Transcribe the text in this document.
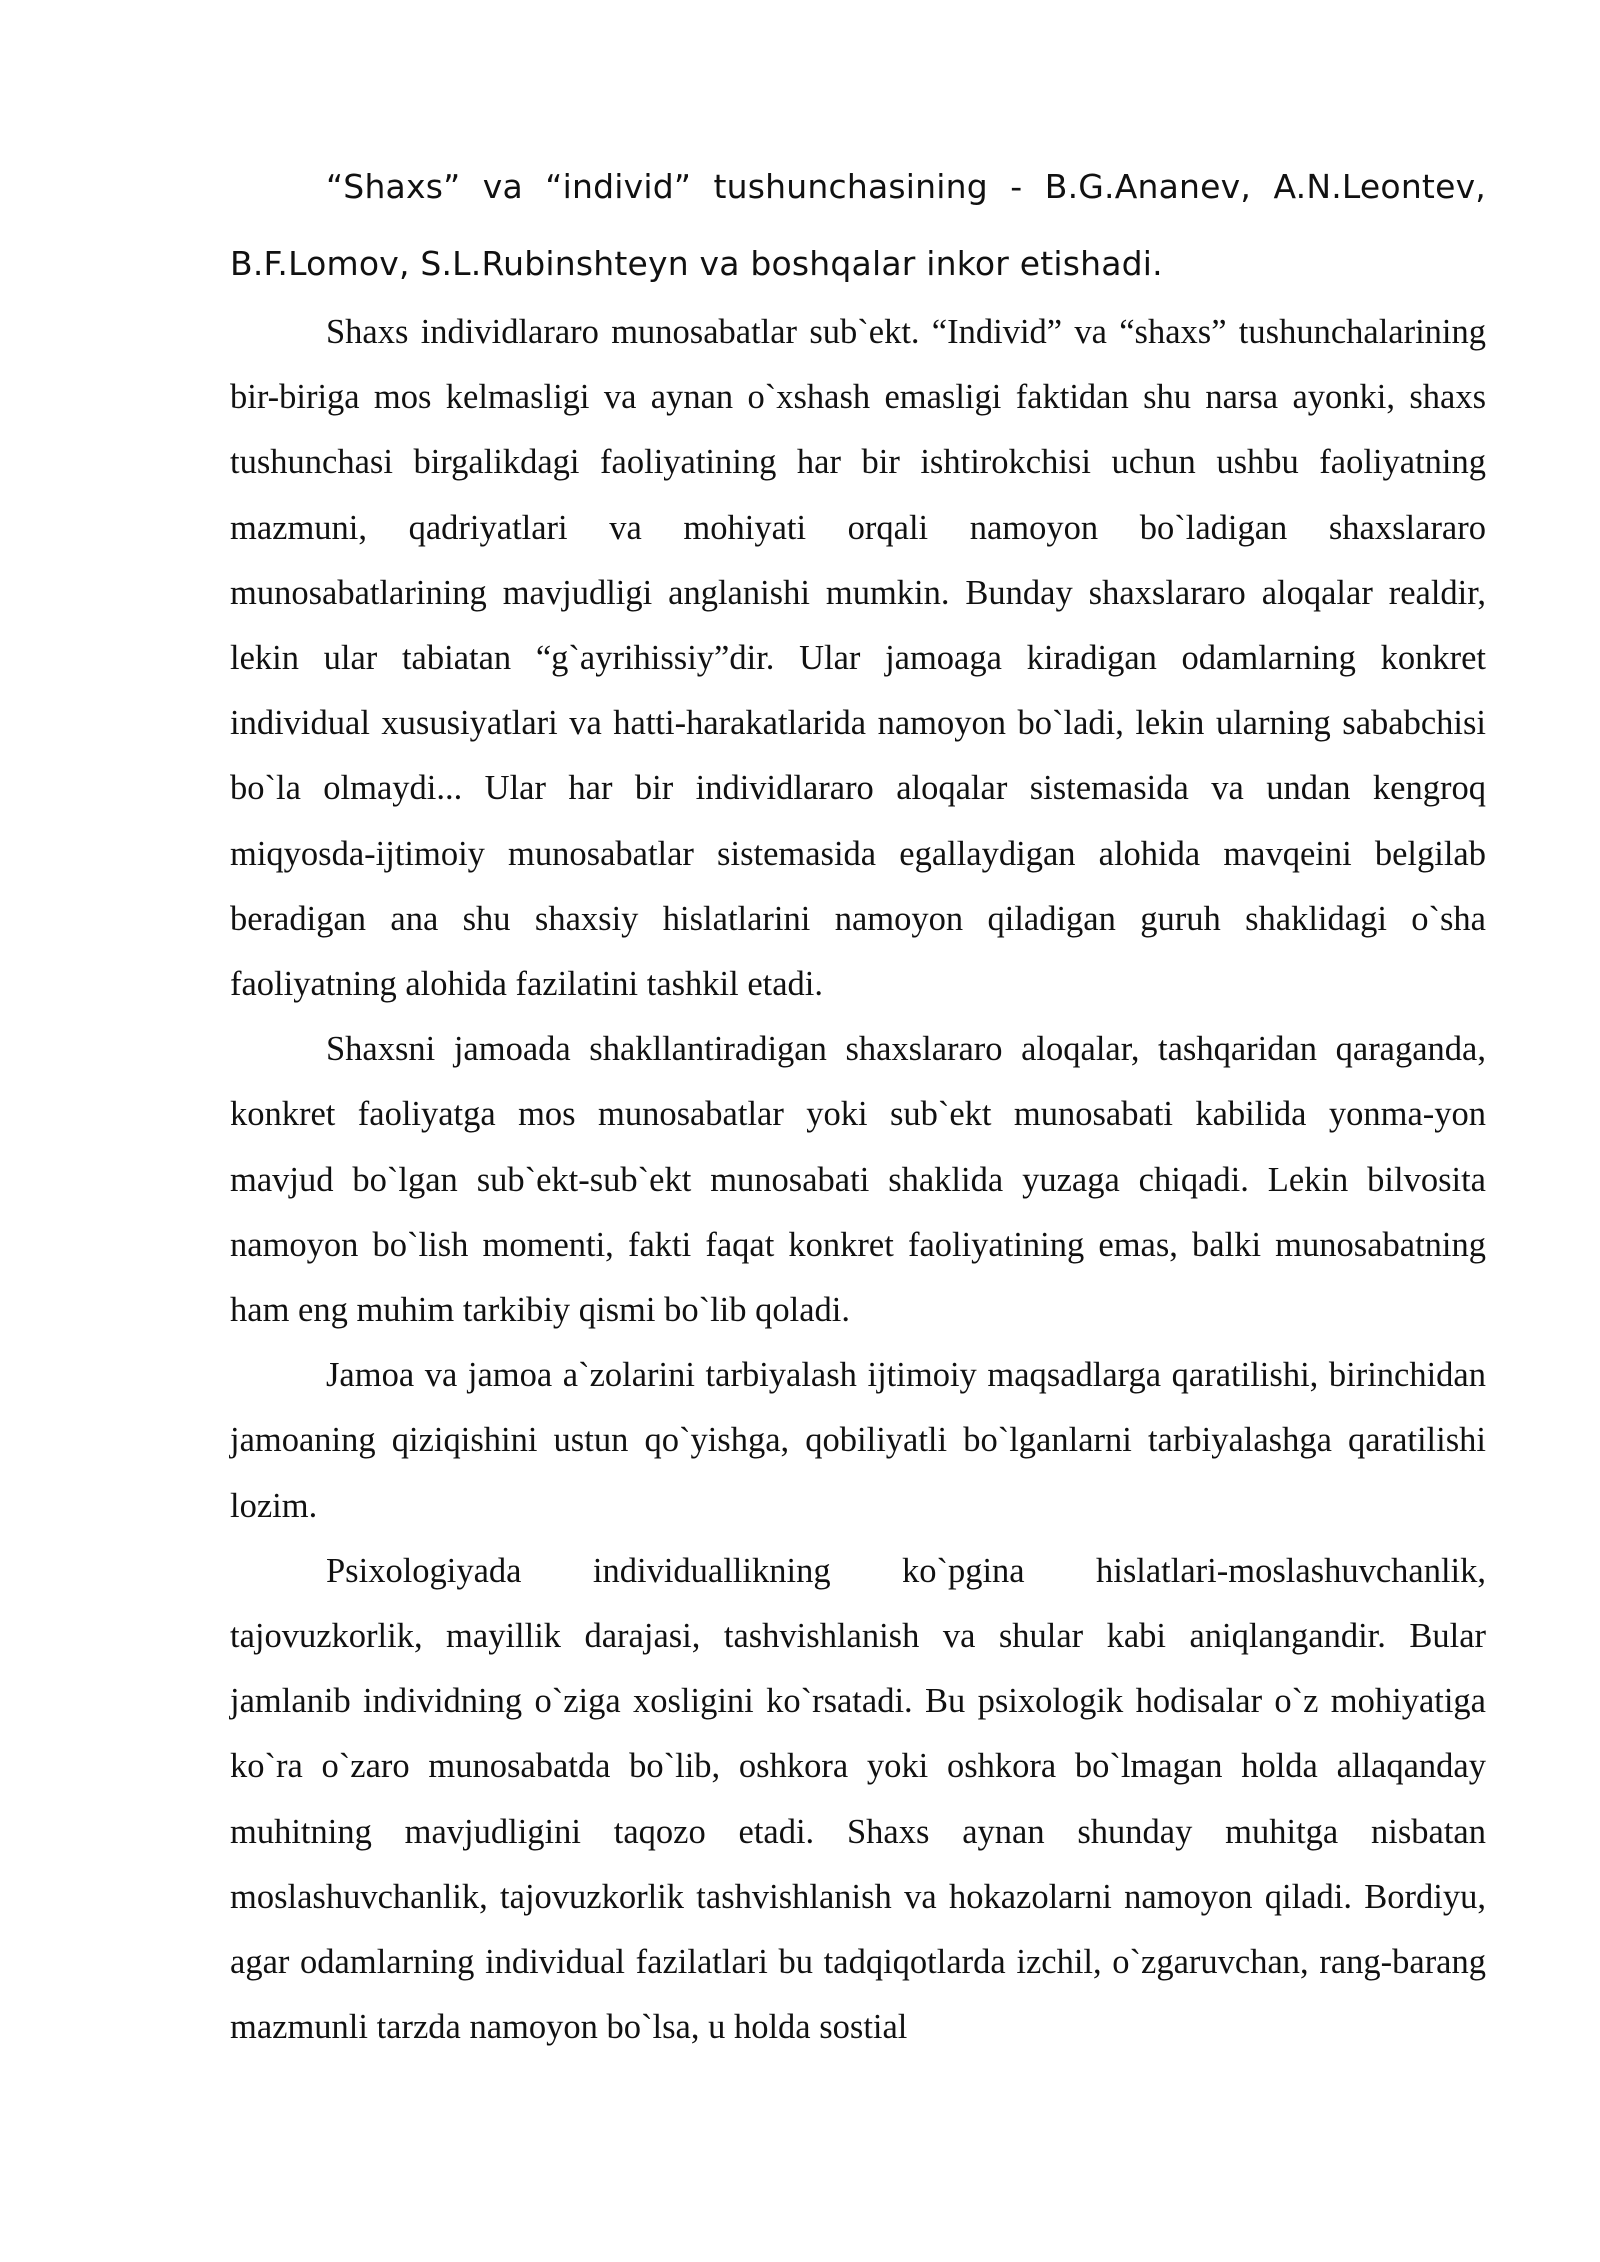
“Shaxs” va “individ” tushunchasining - B.G.Ananev, A.N.Leontev, B.F.Lomov, S.L.Rubinshteyn va boshqalar inkor etishadi.

Shaxs individlararo munosabatlar sub`ekt. “Individ” va “shaxs” tushunchalarining bir-biriga mos kelmasligi va aynan o`xshash emasligi faktidan shu narsa ayonki, shaxs tushunchasi birgalikdagi faoliyatining har bir ishtirokchisi uchun ushbu faoliyatning mazmuni, qadriyatlari va mohiyati orqali namoyon bo`ladigan shaxslararo munosabatlarining mavjudligi anglanishi mumkin. Bunday shaxslararo aloqalar realdir, lekin ular tabiatan “g`ayrihissiy”dir. Ular jamoaga kiradigan odamlarning konkret individual xususiyatlari va hatti-harakatlarida namoyon bo`ladi, lekin ularning sababchisi bo`la olmaydi... Ular har bir individlararo aloqalar sistemasida va undan kengroq miqyosda-ijtimoiy munosabatlar sistemasida egallaydigan alohida mavqeini belgilab beradigan ana shu shaxsiy hislatlarini namoyon qiladigan guruh shaklidagi o`sha faoliyatning alohida fazilatini tashkil etadi.

Shaxsni jamoada shakllantiradigan shaxslararo aloqalar, tashqaridan qaraganda, konkret faoliyatga mos munosabatlar yoki sub`ekt munosabati kabilida yonma-yon mavjud bo`lgan sub`ekt-sub`ekt munosabati shaklida yuzaga chiqadi. Lekin bilvosita namoyon bo`lish momenti, fakti faqat konkret faoliyatining emas, balki munosabatning ham eng muhim tarkibiy qismi bo`lib qoladi.

Jamoa va jamoa a`zolarini tarbiyalash ijtimoiy maqsadlarga qaratilishi, birinchidan jamoaning qiziqishini ustun qo`yishga, qobiliyatli bo`lganlarni tarbiyalashga qaratilishi lozim.

Psixologiyada individuallikning ko`pgina hislatlari-moslashuvchanlik, tajovuzkorlik, mayillik darajasi, tashvishlanish va shular kabi aniqlangandir. Bular jamlanib individning o`ziga xosligini ko`rsatadi. Bu psixologik hodisalar o`z mohiyatiga ko`ra o`zaro munosabatda bo`lib, oshkora yoki oshkora bo`lmagan holda allaqanday muhitning mavjudligini taqozo etadi. Shaxs aynan shunday muhitga nisbatan moslashuvchanlik, tajovuzkorlik tashvishlanish va hokazolarni namoyon qiladi. Bordiyu, agar odamlarning individual fazilatlari bu tadqiqotlarda izchil, o`zgaruvchan, rang-barang mazmunli tarzda namoyon bo`lsa, u holda sostial
